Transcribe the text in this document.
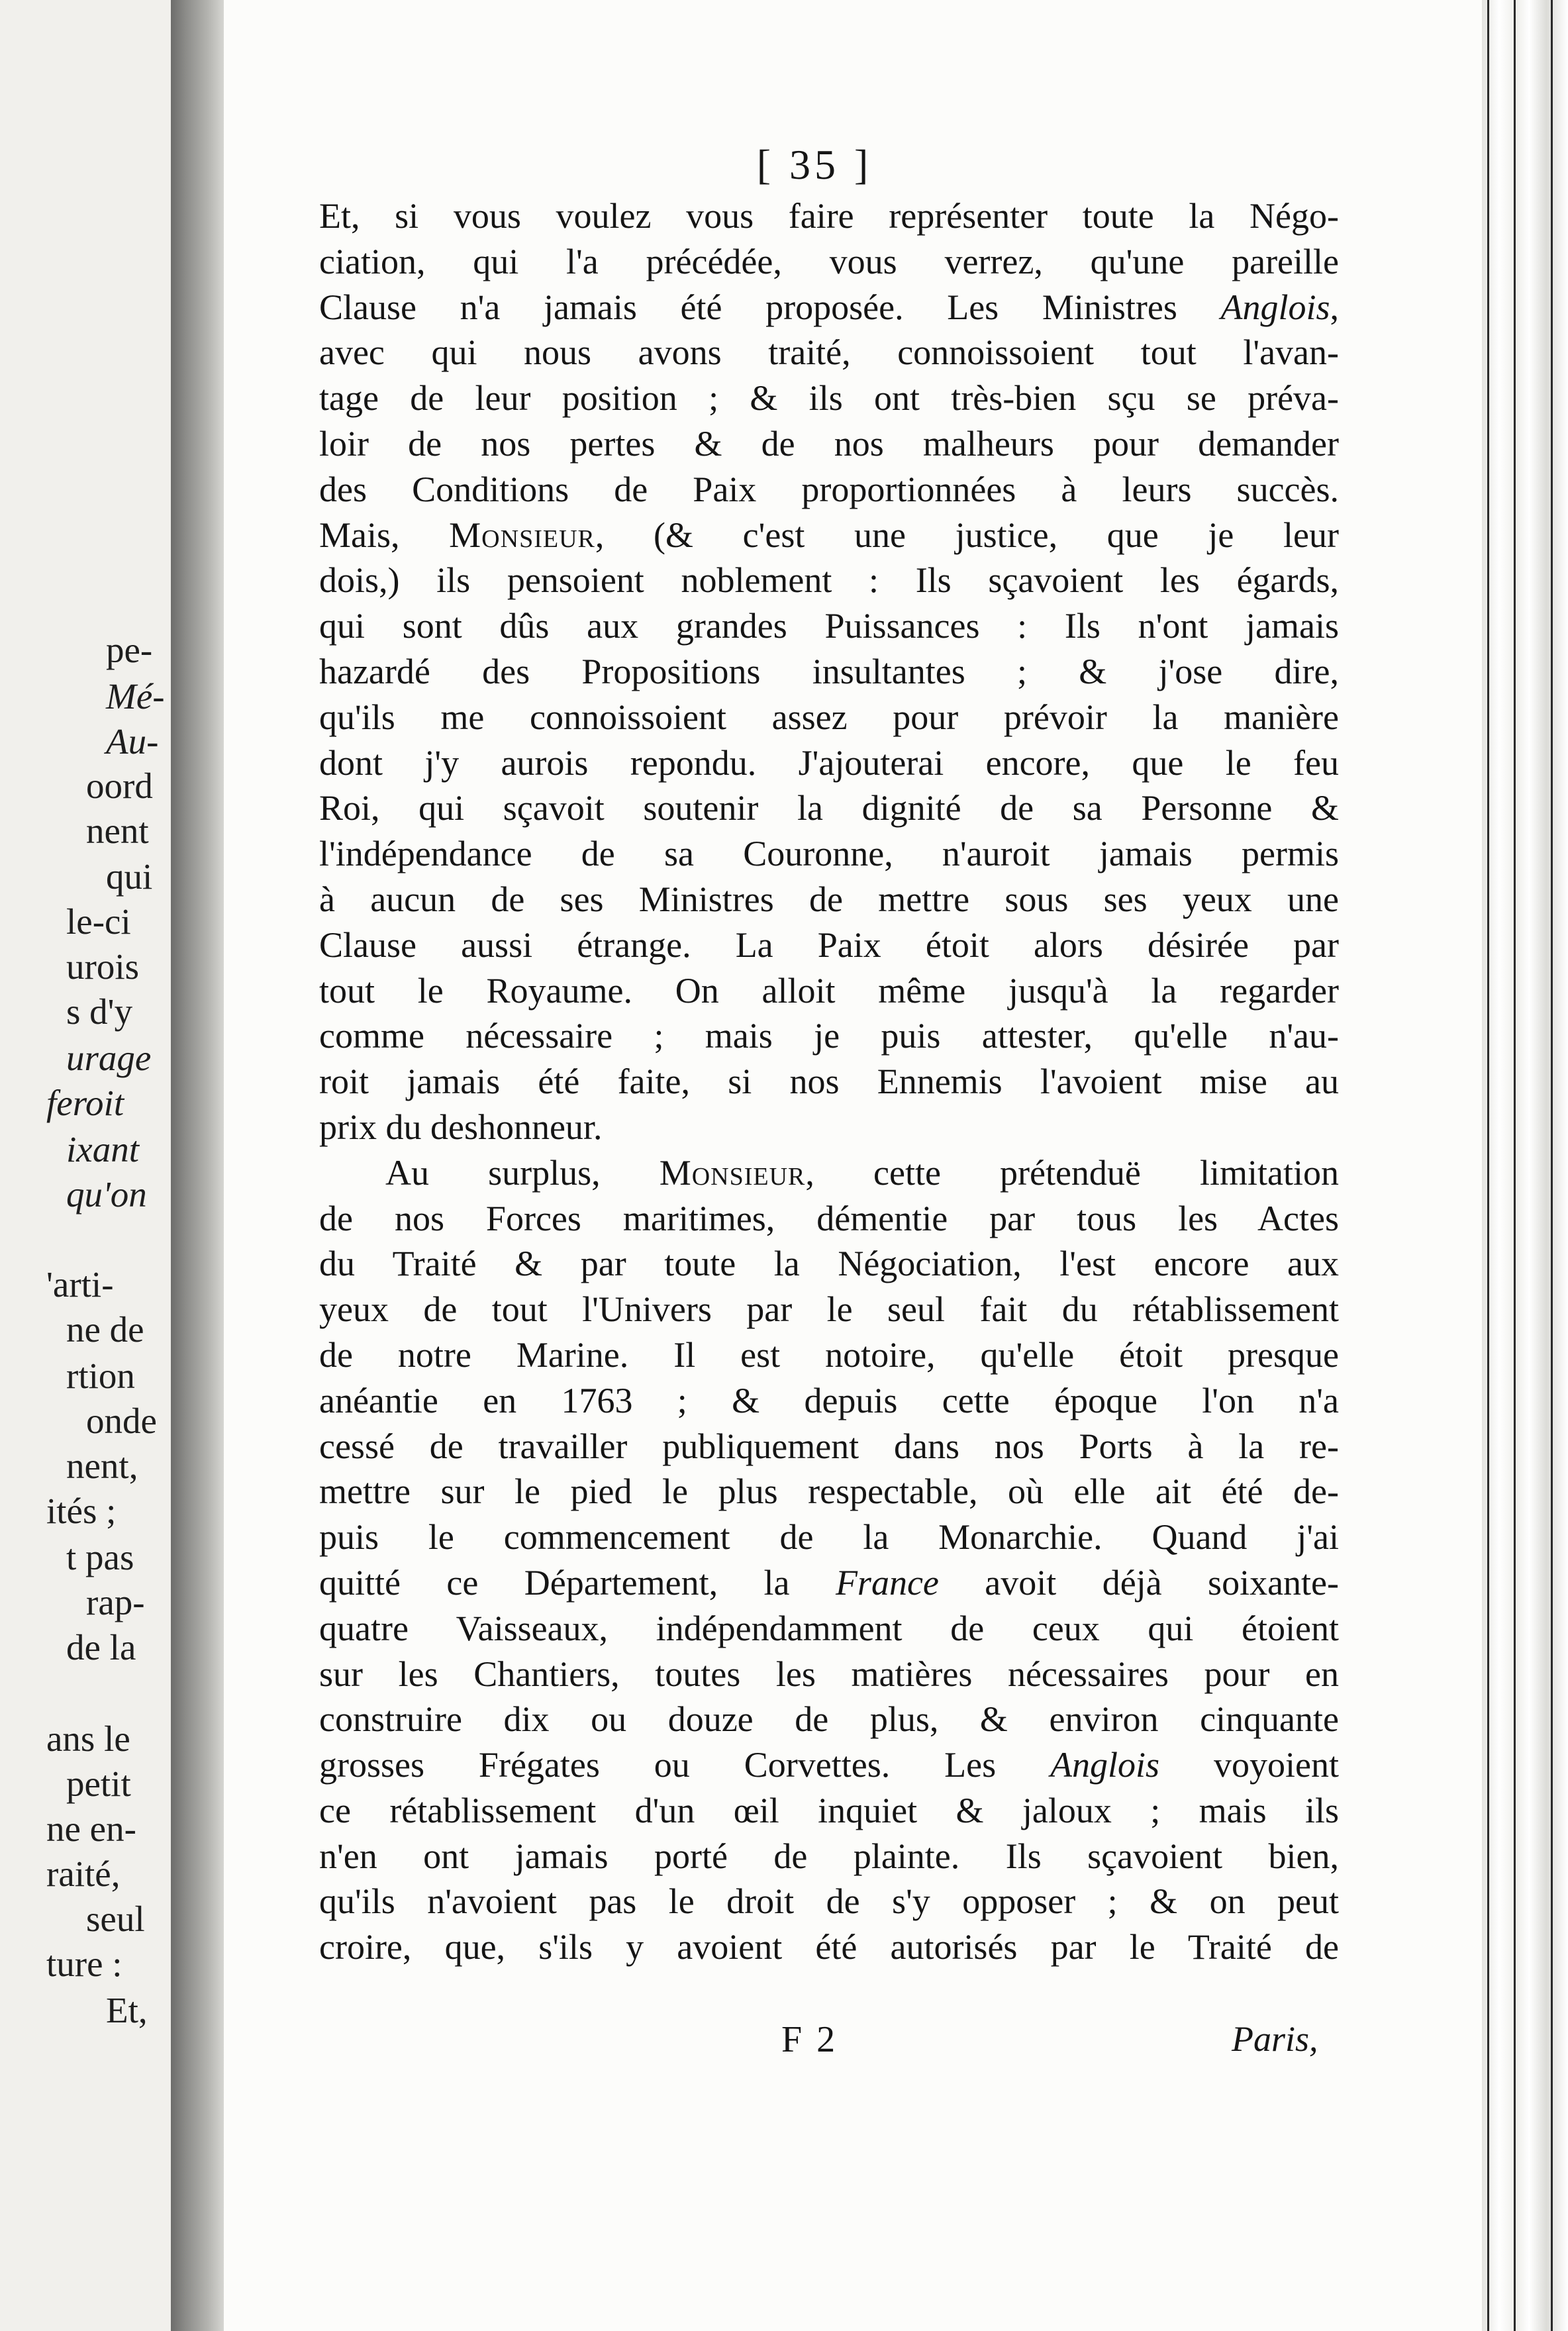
pe-
Mé-
Au-
oord
nent
qui
le-ci
urois
s d'y
urage
feroit
ixant
qu'on
'arti-
ne de
rtion
onde
nent,
ités ;
t pas
rap-
de la
ans le
petit
ne en-
raité,
seul
ture :
Et,
[ 35 ]
Et, si vous voulez vous faire représenter toute la Négo-
ciation, qui l'a précédée, vous verrez, qu'une pareille
Clause n'a jamais été proposée. Les Ministres Anglois,
avec qui nous avons traité, connoissoient tout l'avan-
tage de leur position ; & ils ont très-bien sçu se préva-
loir de nos pertes & de nos malheurs pour demander
des Conditions de Paix proportionnées à leurs succès.
Mais, Monsieur, (& c'est une justice, que je leur
dois,) ils pensoient noblement : Ils sçavoient les égards,
qui sont dûs aux grandes Puissances : Ils n'ont jamais
hazardé des Propositions insultantes ; & j'ose dire,
qu'ils me connoissoient assez pour prévoir la manière
dont j'y aurois repondu. J'ajouterai encore, que le feu
Roi, qui sçavoit soutenir la dignité de sa Personne &
l'indépendance de sa Couronne, n'auroit jamais permis
à aucun de ses Ministres de mettre sous ses yeux une
Clause aussi étrange. La Paix étoit alors désirée par
tout le Royaume. On alloit même jusqu'à la regarder
comme nécessaire ; mais je puis attester, qu'elle n'au-
roit jamais été faite, si nos Ennemis l'avoient mise au
prix du deshonneur.
Au surplus, Monsieur, cette prétenduë limitation
de nos Forces maritimes, démentie par tous les Actes
du Traité & par toute la Négociation, l'est encore aux
yeux de tout l'Univers par le seul fait du rétablissement
de notre Marine. Il est notoire, qu'elle étoit presque
anéantie en 1763 ; & depuis cette époque l'on n'a
cessé de travailler publiquement dans nos Ports à la re-
mettre sur le pied le plus respectable, où elle ait été de-
puis le commencement de la Monarchie. Quand j'ai
quitté ce Département, la France avoit déjà soixante-
quatre Vaisseaux, indépendamment de ceux qui étoient
sur les Chantiers, toutes les matières nécessaires pour en
construire dix ou douze de plus, & environ cinquante
grosses Frégates ou Corvettes. Les Anglois voyoient
ce rétablissement d'un œil inquiet & jaloux ; mais ils
n'en ont jamais porté de plainte. Ils sçavoient bien,
qu'ils n'avoient pas le droit de s'y opposer ; & on peut
croire, que, s'ils y avoient été autorisés par le Traité de
F 2	Paris,
